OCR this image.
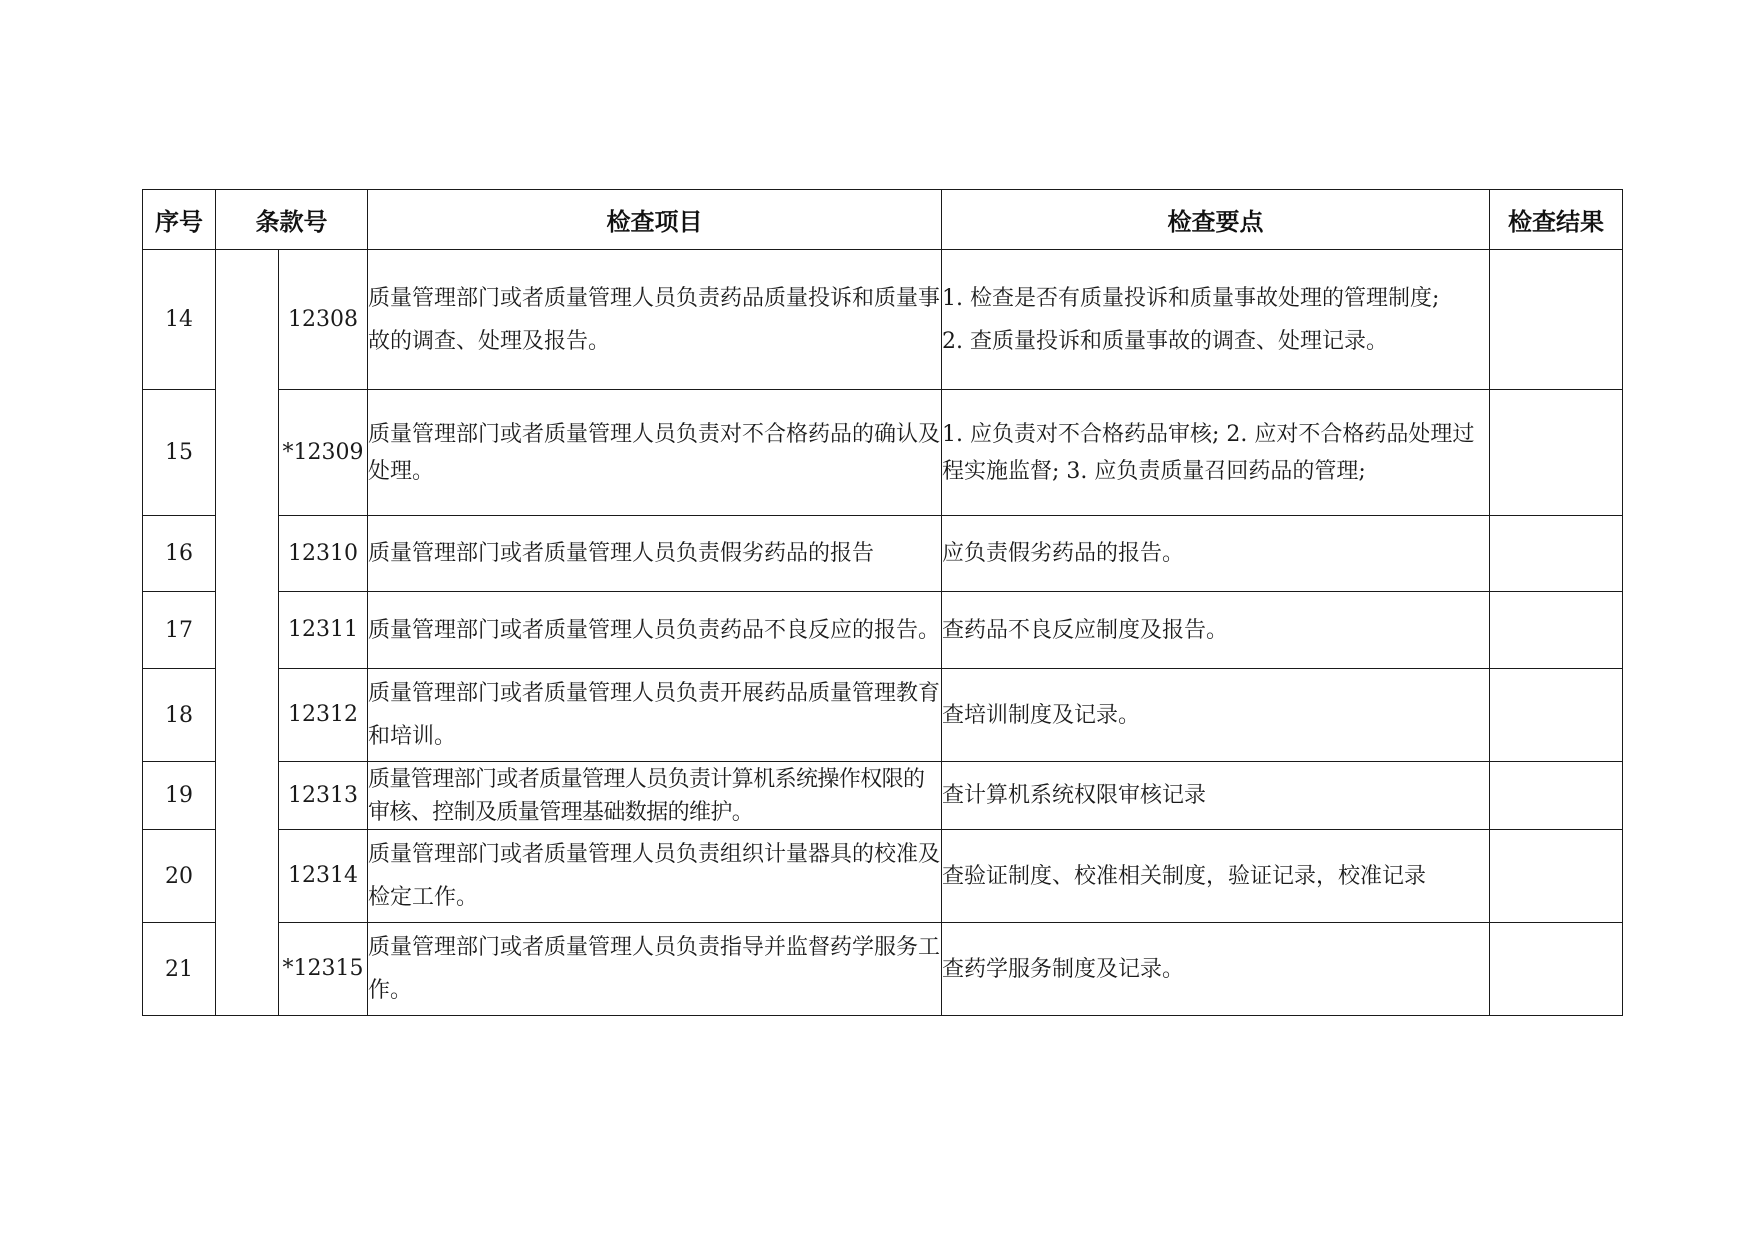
序号	条款号		检查项目	检查要点	检查结果
14		12308	质量管理部门或者质量管理人员负责药品质量投诉和质量事故的调查、处理及报告。	1. 检查是否有质量投诉和质量事故处理的管理制度;
2. 查质量投诉和质量事故的调查、处理记录。	
15		*12309	质量管理部门或者质量管理人员负责对不合格药品的确认及处理。	1. 应负责对不合格药品审核; 2. 应对不合格药品处理过程实施监督; 3. 应负责质量召回药品的管理;	
16		12310	质量管理部门或者质量管理人员负责假劣药品的报告	应负责假劣药品的报告。	
17		12311	质量管理部门或者质量管理人员负责药品不良反应的报告。	查药品不良反应制度及报告。	
18		12312	质量管理部门或者质量管理人员负责开展药品质量管理教育和培训。	查培训制度及记录。	
19		12313	质量管理部门或者质量管理人员负责计算机系统操作权限的审核、控制及质量管理基础数据的维护。	查计算机系统权限审核记录	
20		12314	质量管理部门或者质量管理人员负责组织计量器具的校准及检定工作。	查验证制度、校准相关制度，验证记录，校准记录	
21		*12315	质量管理部门或者质量管理人员负责指导并监督药学服务工作。	查药学服务制度及记录。	
